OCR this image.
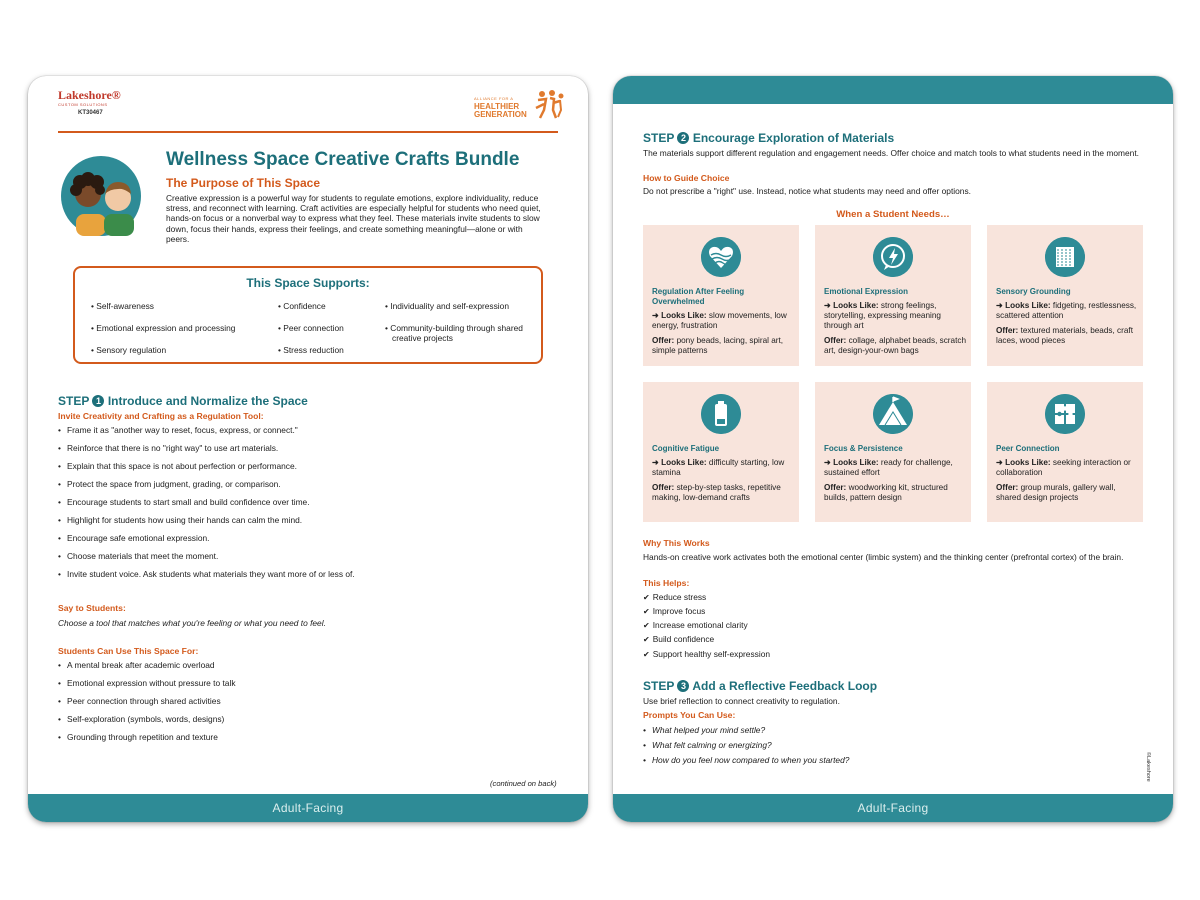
Lakeshore®
CUSTOM SOLUTIONS
KT30467
ALLIANCE FOR A
HEALTHIER
GENERATION
Wellness Space Creative Crafts Bundle
The Purpose of This Space
Creative expression is a powerful way for students to regulate emotions, explore individuality, reduce stress, and reconnect with learning. Craft activities are especially helpful for students who need quiet, hands-on focus or a nonverbal way to express what they feel. These materials invite students to slow down, focus their hands, express their feelings, and create something meaningful—alone or with peers.
This Space Supports:
• Self-awareness
• Emotional expression and processing
• Sensory regulation
• Confidence
• Peer connection
• Stress reduction
• Individuality and self-expression
• Community-building through shared creative projects
STEP 1 Introduce and Normalize the Space
Invite Creativity and Crafting as a Regulation Tool:
• Frame it as "another way to reset, focus, express, or connect."
• Reinforce that there is no "right way" to use art materials.
• Explain that this space is not about perfection or performance.
• Protect the space from judgment, grading, or comparison.
• Encourage students to start small and build confidence over time.
• Highlight for students how using their hands can calm the mind.
• Encourage safe emotional expression.
• Choose materials that meet the moment.
• Invite student voice. Ask students what materials they want more of or less of.
Say to Students:
Choose a tool that matches what you're feeling or what you need to feel.
Students Can Use This Space For:
• A mental break after academic overload
• Emotional expression without pressure to talk
• Peer connection through shared activities
• Self-exploration (symbols, words, designs)
• Grounding through repetition and texture
(continued on back)
Adult-Facing
STEP 2 Encourage Exploration of Materials
The materials support different regulation and engagement needs. Offer choice and match tools to what students need in the moment.
How to Guide Choice
Do not prescribe a "right" use. Instead, notice what students may need and offer options.
When a Student Needs…
Regulation After Feeling Overwhelmed
➜ Looks Like: slow movements, low energy, frustration
Offer: pony beads, lacing, spiral art, simple patterns
Emotional Expression
➜ Looks Like: strong feelings, storytelling, expressing meaning through art
Offer: collage, alphabet beads, scratch art, design-your-own bags
Sensory Grounding
➜ Looks Like: fidgeting, restlessness, scattered attention
Offer: textured materials, beads, craft laces, wood pieces
Cognitive Fatigue
➜ Looks Like: difficulty starting, low stamina
Offer: step-by-step tasks, repetitive making, low-demand crafts
Focus & Persistence
➜ Looks Like: ready for challenge, sustained effort
Offer: woodworking kit, structured builds, pattern design
Peer Connection
➜ Looks Like: seeking interaction or collaboration
Offer: group murals, gallery wall, shared design projects
Why This Works
Hands-on creative work activates both the emotional center (limbic system) and the thinking center (prefrontal cortex) of the brain.
This Helps:
✔ Reduce stress
✔ Improve focus
✔ Increase emotional clarity
✔ Build confidence
✔ Support healthy self-expression
STEP 3 Add a Reflective Feedback Loop
Use brief reflection to connect creativity to regulation.
Prompts You Can Use:
• What helped your mind settle?
• What felt calming or energizing?
• How do you feel now compared to when you started?	©Lakeshore
Adult-Facing
